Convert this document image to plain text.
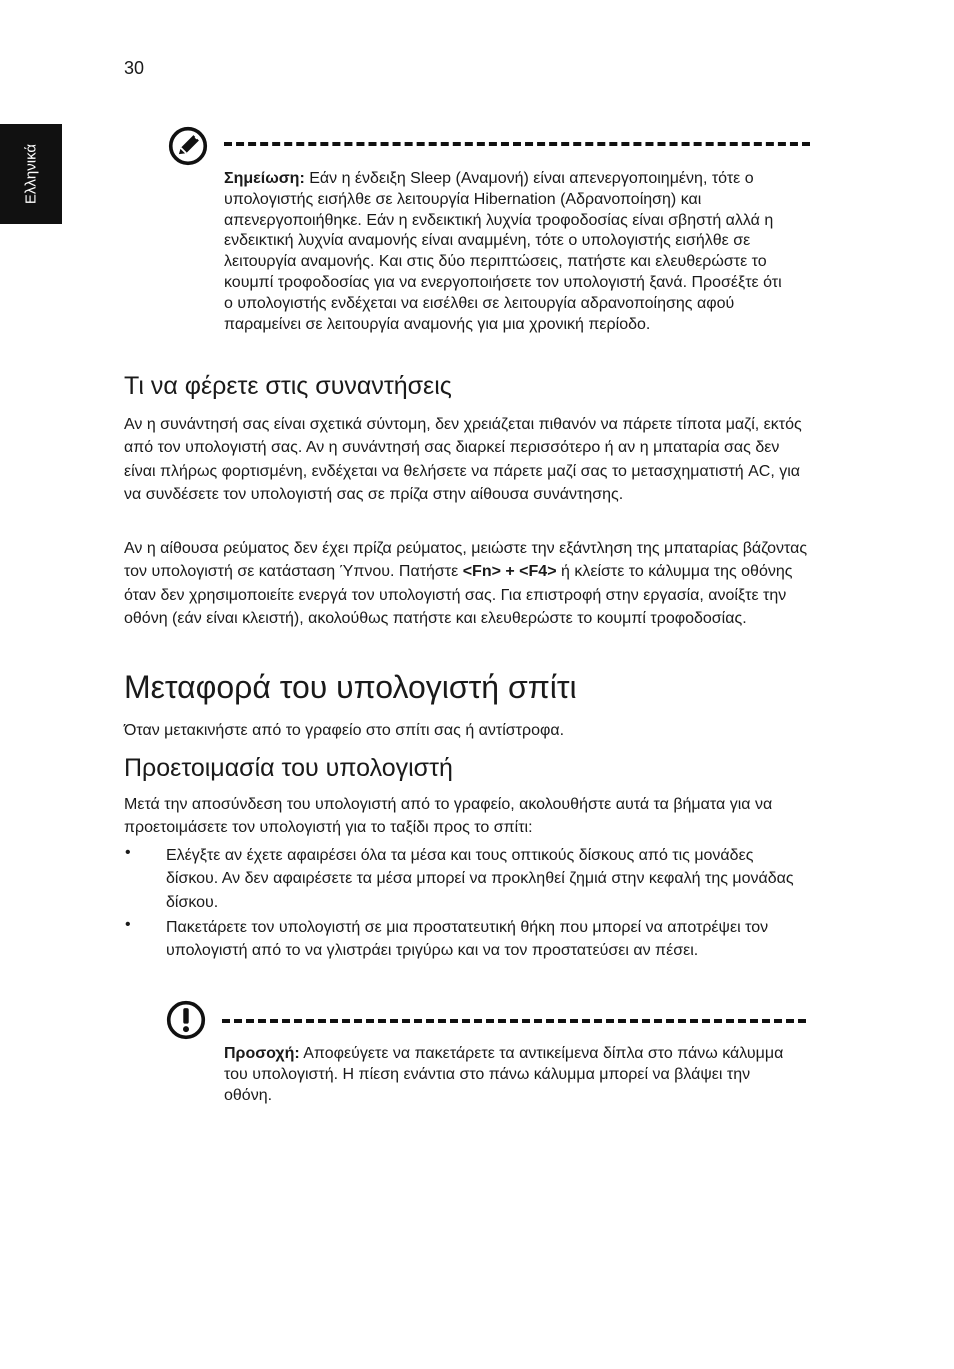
30
Ελληνικά	Σημείωση: Εάν η ένδειξη Sleep (Αναμονή) είναι απενεργοποιημένη, τότε ο υπολογιστής εισήλθε σε λειτουργία Hibernation (Αδρανοποίηση) και απενεργοποιήθηκε. Εάν η ενδεικτική λυχνία τροφοδοσίας είναι σβηστή αλλά η ενδεικτική λυχνία αναμονής είναι αναμμένη, τότε ο υπολογιστής εισήλθε σε λειτουργία αναμονής. Και στις δύο περιπτώσεις, πατήστε και ελευθερώστε το κουμπί τροφοδοσίας για να ενεργοποιήσετε τον υπολογιστή ξανά. Προσέξτε ότι ο υπολογιστής ενδέχεται να εισέλθει σε λειτουργία αδρανοποίησης αφού παραμείνει σε λειτουργία αναμονής για μια χρονική περίοδο.
Τι να φέρετε στις συναντήσεις

Αν η συνάντησή σας είναι σχετικά σύντομη, δεν χρειάζεται πιθανόν να πάρετε τίποτα μαζί, εκτός από τον υπολογιστή σας. Αν η συνάντησή σας διαρκεί περισσότερο ή αν η μπαταρία σας δεν είναι πλήρως φορτισμένη, ενδέχεται να θελήσετε να πάρετε μαζί σας το μετασχηματιστή AC, για να συνδέσετε τον υπολογιστή σας σε πρίζα στην αίθουσα συνάντησης.

Αν η αίθουσα ρεύματος δεν έχει πρίζα ρεύματος, μειώστε την εξάντληση της μπαταρίας βάζοντας τον υπολογιστή σε κατάσταση Ύπνου. Πατήστε <Fn> + <F4> ή κλείστε το κάλυμμα της οθόνης όταν δεν χρησιμοποιείτε ενεργά τον υπολογιστή σας. Για επιστροφή στην εργασία, ανοίξτε την οθόνη (εάν είναι κλειστή), ακολούθως πατήστε και ελευθερώστε το κουμπί τροφοδοσίας.

Μεταφορά του υπολογιστή σπίτι

Όταν μετακινήστε από το γραφείο στο σπίτι σας ή αντίστροφα.

Προετοιμασία του υπολογιστή

Μετά την αποσύνδεση του υπολογιστή από το γραφείο, ακολουθήστε αυτά τα βήματα για να προετοιμάσετε τον υπολογιστή για το ταξίδι προς το σπίτι:

• Ελέγξτε αν έχετε αφαιρέσει όλα τα μέσα και τους οπτικούς δίσκους από τις μονάδες δίσκου. Αν δεν αφαιρέσετε τα μέσα μπορεί να προκληθεί ζημιά στην κεφαλή της μονάδας δίσκου.
• Πακετάρετε τον υπολογιστή σε μια προστατευτική θήκη που μπορεί να αποτρέψει τον υπολογιστή από το να γλιστράει τριγύρω και να τον προστατεύσει αν πέσει.
Προσοχή: Αποφεύγετε να πακετάρετε τα αντικείμενα δίπλα στο πάνω κάλυμμα του υπολογιστή. Η πίεση ενάντια στο πάνω κάλυμμα μπορεί να βλάψει την οθόνη.
